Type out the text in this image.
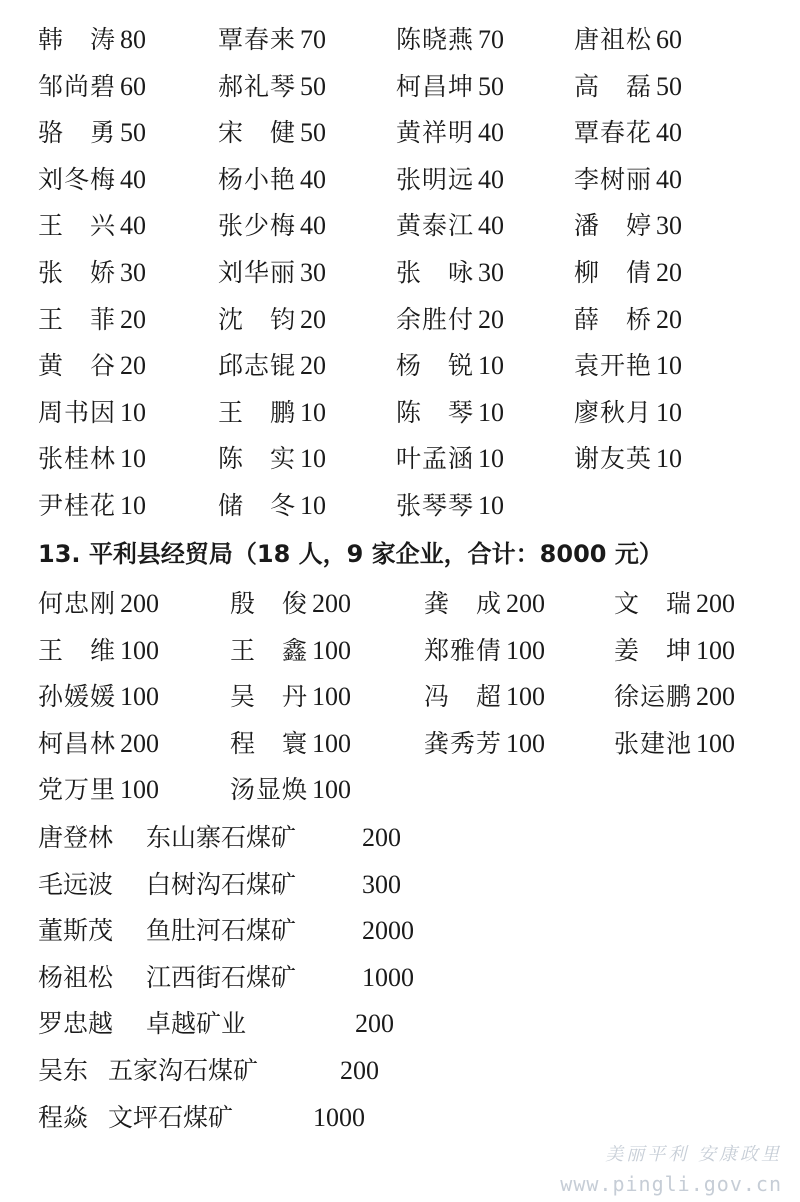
韩　涛 80	覃春来 70	陈晓燕 70	唐祖松 60
邹尚碧 60	郝礼琴 50	柯昌坤 50	高　磊 50
骆　勇 50	宋　健 50	黄祥明 40	覃春花 40
刘冬梅 40	杨小艳 40	张明远 40	李树丽 40
王　兴 40	张少梅 40	黄泰江 40	潘　婷 30
张　娇 30	刘华丽 30	张　咏 30	柳　倩 20
王　菲 20	沈　钧 20	余胜付 20	薛　桥 20
黄　谷 20	邱志锟 20	杨　锐 10	袁开艳 10
周书因 10	王　鹏 10	陈　琴 10	廖秋月 10
张桂林 10	陈　实 10	叶孟涵 10	谢友英 10
尹桂花 10	储　冬 10	张琴琴 10
13. 平利县经贸局（18 人，9 家企业，合计：8000 元）
何忠刚 200	殷　俊 200	龚　成 200	文　瑞 200
王　维 100	王　鑫 100	郑雅倩 100	姜　坤 100
孙媛媛 100	吴　丹 100	冯　超 100	徐运鹏 200
柯昌林 200	程　寰 100	龚秀芳 100	张建池 100
党万里 100	汤显焕 100
唐登林 东山寨石煤矿	200
毛远波 白树沟石煤矿	300
董斯茂 鱼肚河石煤矿	2000
杨祖松 江西街石煤矿	1000
罗忠越 卓越矿业	200
吴东 五家沟石煤矿	200
程焱 文坪石煤矿	1000
美丽平利 安康政里
www.pingli.gov.cn
